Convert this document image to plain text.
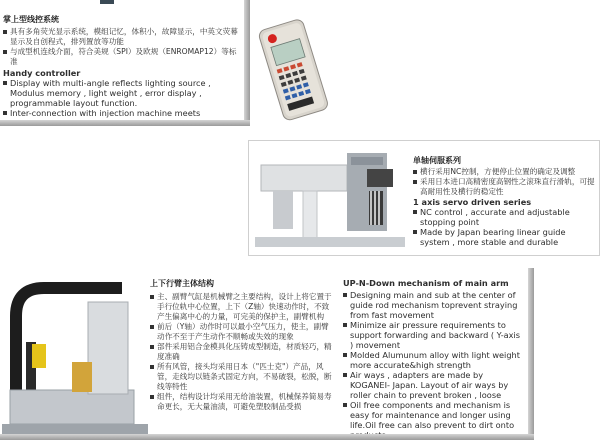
掌上型线控系统
具有多角荧光显示系统，模组记忆，体积小，故障显示，中英文荧幕显示及自创程式，排列置放等功能
与成型机连线介面，符合美规（SPI）及欧规（ENROMAP12）等标准
Handy controller
Display with multi-angle reflects lighting source , Modulus memory , light weight , error display , programmable layout function.
Inter-connection with injection machine meets
单轴伺服系列
横行采用NC控制，方便停止位置的确定及调整
采用日本进口高精密度高钢性之滚珠直行滑轨，可提高耐用性及横行的稳定性
1 axis servo driven series
NC control , accurate and adjustable stopping point
Made by Japan bearing linear guide system , more stable and durable
上下行臂主体结构
主、副臂气缸是机械臂之主要结构，设计上将它置于手行位轨中心位置，上下（Z轴）快速动作时，不致产生偏离中心的力量，可完美的保护主，副臂机构
前后（Y轴）动作时可以最小空气压力，使主，副臂动作不至于产生动作不顺畅或失效的现象
部件采用铝合金模具化压铸成型制造，材质轻巧，精度准确
所有风管，接头均采用日本（"匹士克"）产品，风管，走线均以链条式固定方向，不易破裂，松脱，断线等特性
组件，结构设计均采用无给油装置，机械保养简易寿命更长，无大量油渍，可避免塑胶制品受损
UP-N-Down mechanism of main arm
Designing main and sub at the center of guide rod mechanism toprevent straying from fast movement
Minimize air pressure requirements to support forwarding and backward ( Y-axis ) movement
Molded Alumunum alloy with light weight more accurate&high strength
Air ways , adapters are made by KOGANEI- Japan. Layout of air ways by roller chain to prevent broken , loose
Oil free components and mechanism is easy for maintenance and longer using life.Oil free can also prevent to dirt onto
